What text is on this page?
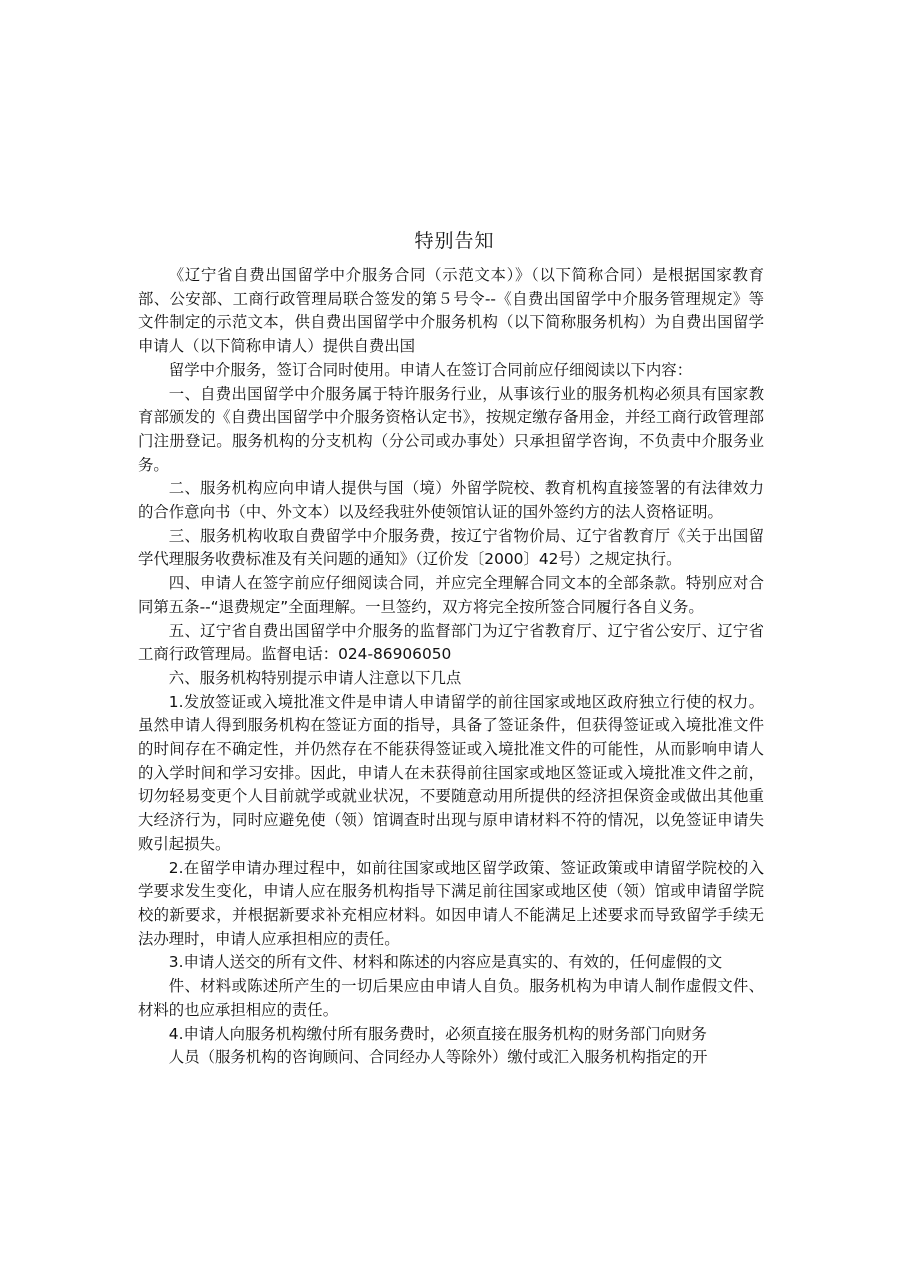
特别告知

《辽宁省自费出国留学中介服务合同（示范文本）》（以下简称合同）是根据国家教育部、公安部、工商行政管理局联合签发的第５号令--《自费出国留学中介服务管理规定》等文件制定的示范文本，供自费出国留学中介服务机构（以下简称服务机构）为自费出国留学申请人（以下简称申请人）提供自费出国

留学中介服务，签订合同时使用。申请人在签订合同前应仔细阅读以下内容：

一、自费出国留学中介服务属于特许服务行业，从事该行业的服务机构必须具有国家教育部颁发的《自费出国留学中介服务资格认定书》，按规定缴存备用金，并经工商行政管理部门注册登记。服务机构的分支机构（分公司或办事处）只承担留学咨询，不负责中介服务业务。

二、服务机构应向申请人提供与国（境）外留学院校、教育机构直接签署的有法律效力的合作意向书（中、外文本）以及经我驻外使领馆认证的国外签约方的法人资格证明。

三、服务机构收取自费留学中介服务费，按辽宁省物价局、辽宁省教育厅《关于出国留学代理服务收费标准及有关问题的通知》（辽价发〔2000〕42号）之规定执行。

四、申请人在签字前应仔细阅读合同，并应完全理解合同文本的全部条款。特别应对合同第五条--“退费规定”全面理解。一旦签约，双方将完全按所签合同履行各自义务。

五、辽宁省自费出国留学中介服务的监督部门为辽宁省教育厅、辽宁省公安厅、辽宁省工商行政管理局。监督电话：024-86906050

六、服务机构特别提示申请人注意以下几点

1.发放签证或入境批准文件是申请人申请留学的前往国家或地区政府独立行使的权力。虽然申请人得到服务机构在签证方面的指导，具备了签证条件，但获得签证或入境批准文件的时间存在不确定性，并仍然存在不能获得签证或入境批准文件的可能性，从而影响申请人的入学时间和学习安排。因此，申请人在未获得前往国家或地区签证或入境批准文件之前，切勿轻易变更个人目前就学或就业状况，不要随意动用所提供的经济担保资金或做出其他重大经济行为，同时应避免使（领）馆调查时出现与原申请材料不符的情况，以免签证申请失败引起损失。

2.在留学申请办理过程中，如前往国家或地区留学政策、签证政策或申请留学院校的入学要求发生变化，申请人应在服务机构指导下满足前往国家或地区使（领）馆或申请留学院校的新要求，并根据新要求补充相应材料。如因申请人不能满足上述要求而导致留学手续无法办理时，申请人应承担相应的责任。

3.申请人送交的所有文件、材料和陈述的内容应是真实的、有效的，任何虚假的文

件、材料或陈述所产生的一切后果应由申请人自负。服务机构为申请人制作虚假文件、材料的也应承担相应的责任。

4.申请人向服务机构缴付所有服务费时，必须直接在服务机构的财务部门向财务

人员（服务机构的咨询顾问、合同经办人等除外）缴付或汇入服务机构指定的开
